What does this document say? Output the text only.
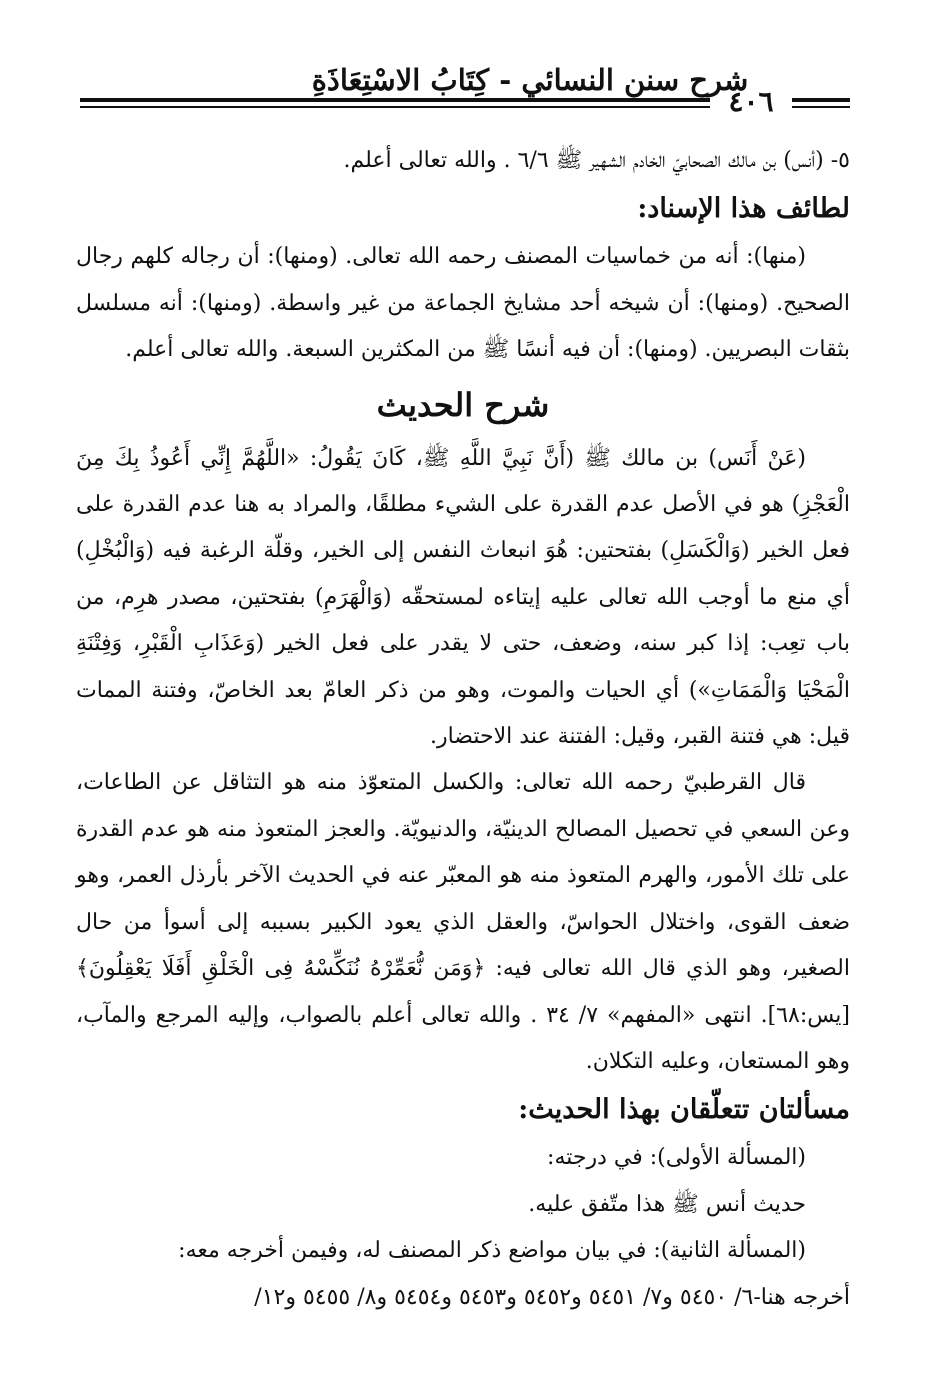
شرح سنن النسائي - كِتَابُ الاسْتِعَاذَةِ
٤٠٦

٥- (أنس) بن مالك الصحابيّ الخادم الشهير ﷺ ٦/٦ . والله تعالى أعلم.

لطائف هذا الإسناد:

(منها): أنه من خماسيات المصنف رحمه الله تعالى. (ومنها): أن رجاله كلهم رجال الصحيح. (ومنها): أن شيخه أحد مشايخ الجماعة من غير واسطة. (ومنها): أنه مسلسل بثقات البصريين. (ومنها): أن فيه أنسًا ﷺ من المكثرين السبعة. والله تعالى أعلم.

شرح الحديث

(عَنْ أَنَس) بن مالك ﷺ (أَنَّ نَبِيَّ اللَّهِ ﷺ، كَانَ يَقُولُ: «اللَّهُمَّ إِنِّي أَعُوذُ بِكَ مِنَ الْعَجْزِ) هو في الأصل عدم القدرة على الشيء مطلقًا، والمراد به هنا عدم القدرة على فعل الخير (وَالْكَسَلِ) بفتحتين: هُوَ انبعاث النفس إلى الخير، وقلّة الرغبة فيه (وَالْبُخْلِ) أي منع ما أوجب الله تعالى عليه إيتاءه لمستحقّه (وَالْهَرَمِ) بفتحتين، مصدر هرِم، من باب تعِب: إذا كبر سنه، وضعف، حتى لا يقدر على فعل الخير (وَعَذَابِ الْقَبْرِ، وَفِتْنَةِ الْمَحْيَا وَالْمَمَاتِ») أي الحيات والموت، وهو من ذكر العامّ بعد الخاصّ، وفتنة الممات قيل: هي فتنة القبر، وقيل: الفتنة عند الاحتضار.

قال القرطبيّ رحمه الله تعالى: والكسل المتعوّذ منه هو التثاقل عن الطاعات، وعن السعي في تحصيل المصالح الدينيّة، والدنيويّة. والعجز المتعوذ منه هو عدم القدرة على تلك الأمور، والهرم المتعوذ منه هو المعبّر عنه في الحديث الآخر بأرذل العمر، وهو ضعف القوى، واختلال الحواسّ، والعقل الذي يعود الكبير بسببه إلى أسوأ من حال الصغير، وهو الذي قال الله تعالى فيه: ﴿وَمَن نُّعَمِّرْهُ نُنَكِّسْهُ فِى الْخَلْقِ أَفَلَا يَعْقِلُونَ﴾ [يس:٦٨]. انتهى «المفهم» ٧/ ٣٤ . والله تعالى أعلم بالصواب، وإليه المرجع والمآب، وهو المستعان، وعليه التكلان.

مسألتان تتعلّقان بهذا الحديث:

(المسألة الأولى): في درجته:

حديث أنس ﷺ هذا متّفق عليه.

(المسألة الثانية): في بيان مواضع ذكر المصنف له، وفيمن أخرجه معه:

أخرجه هنا-٦/ ٥٤٥٠ و٧/ ٥٤٥١ و٥٤٥٢ و٥٤٥٣ و٥٤٥٤ و٨/ ٥٤٥٥ و١٢/
